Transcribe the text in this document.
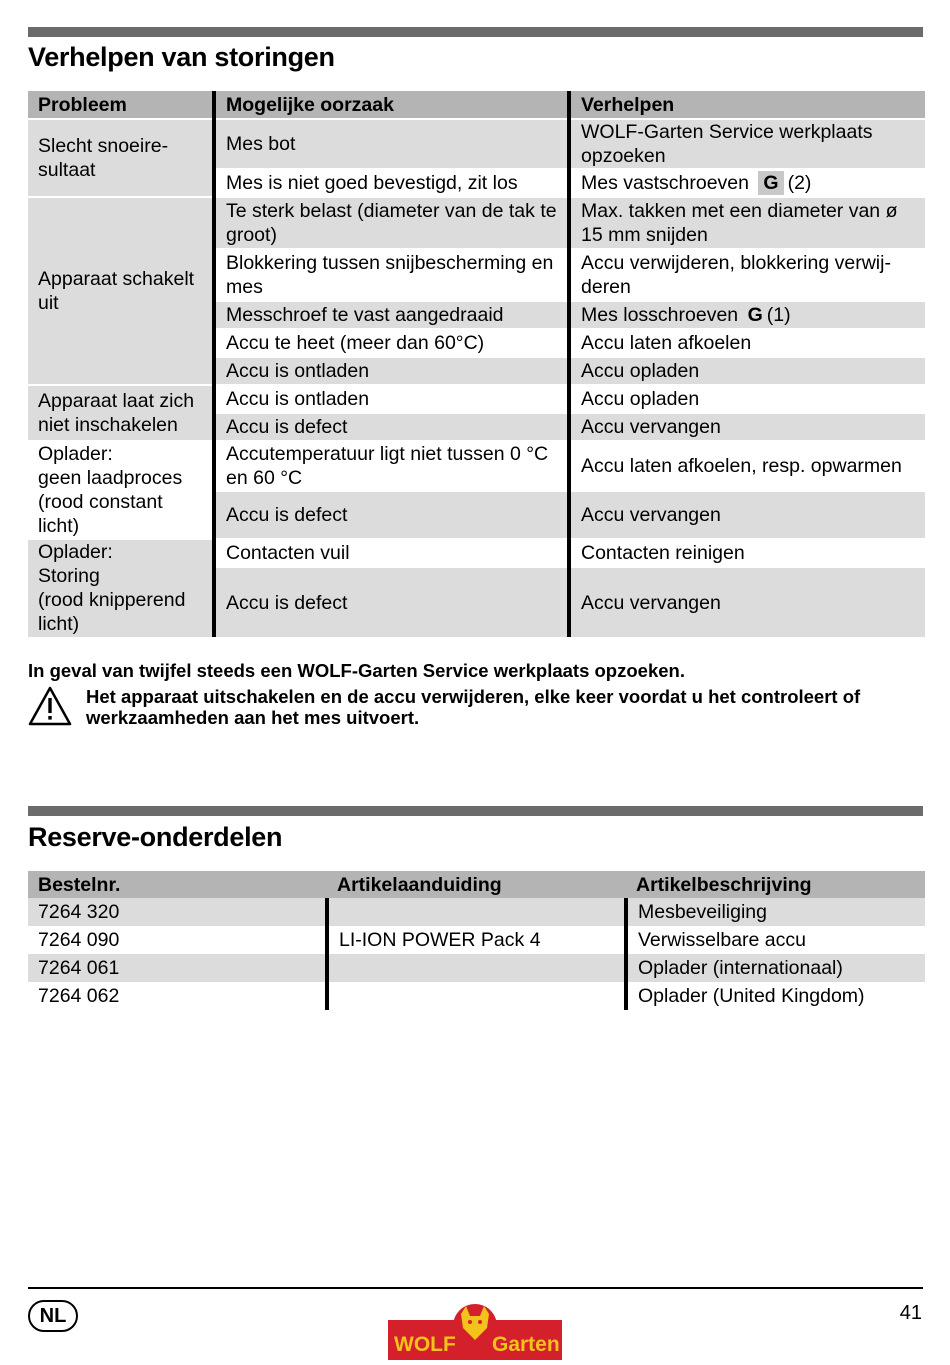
Verhelpen van storingen
Probleem	Mogelijke oorzaak	Verhelpen
Slecht snoeire-
sultaat	Mes bot	WOLF-Garten Service werkplaats opzoeken
	Mes is niet goed bevestigd, zit los	Mes vastschroeven G (2)
Apparaat schakelt uit	Te sterk belast (diameter van de tak te groot)	Max. takken met een diameter van ø 15 mm snijden
	Blokkering tussen snijbescherming en mes	Accu verwijderen, blokkering verwij-deren
	Messchroef te vast aangedraaid	Mes losschroeven G (1)
	Accu te heet (meer dan 60°C)	Accu laten afkoelen
	Accu is ontladen	Accu opladen
Apparaat laat zich niet inschakelen	Accu is ontladen	Accu opladen
	Accu is defect	Accu vervangen
Oplader:
geen laadproces
(rood constant
licht)	Accutemperatuur ligt niet tussen 0 °C en 60 °C	Accu laten afkoelen, resp. opwarmen
	Accu is defect	Accu vervangen
Oplader:
Storing
(rood knipperend
licht)	Contacten vuil	Contacten reinigen
	Accu is defect	Accu vervangen
In geval van twijfel steeds een WOLF-Garten Service werkplaats opzoeken.
Het apparaat uitschakelen en de accu verwijderen, elke keer voordat u het controleert of werkzaamheden aan het mes uitvoert.
Reserve-onderdelen
Bestelnr.	Artikelaanduiding	Artikelbeschrijving
7264 320		Mesbeveiliging
7264 090	LI-ION POWER Pack 4	Verwisselbare accu
7264 061		Oplader (internationaal)
7264 062		Oplader (United Kingdom)
NL	41
WOLF Garten
